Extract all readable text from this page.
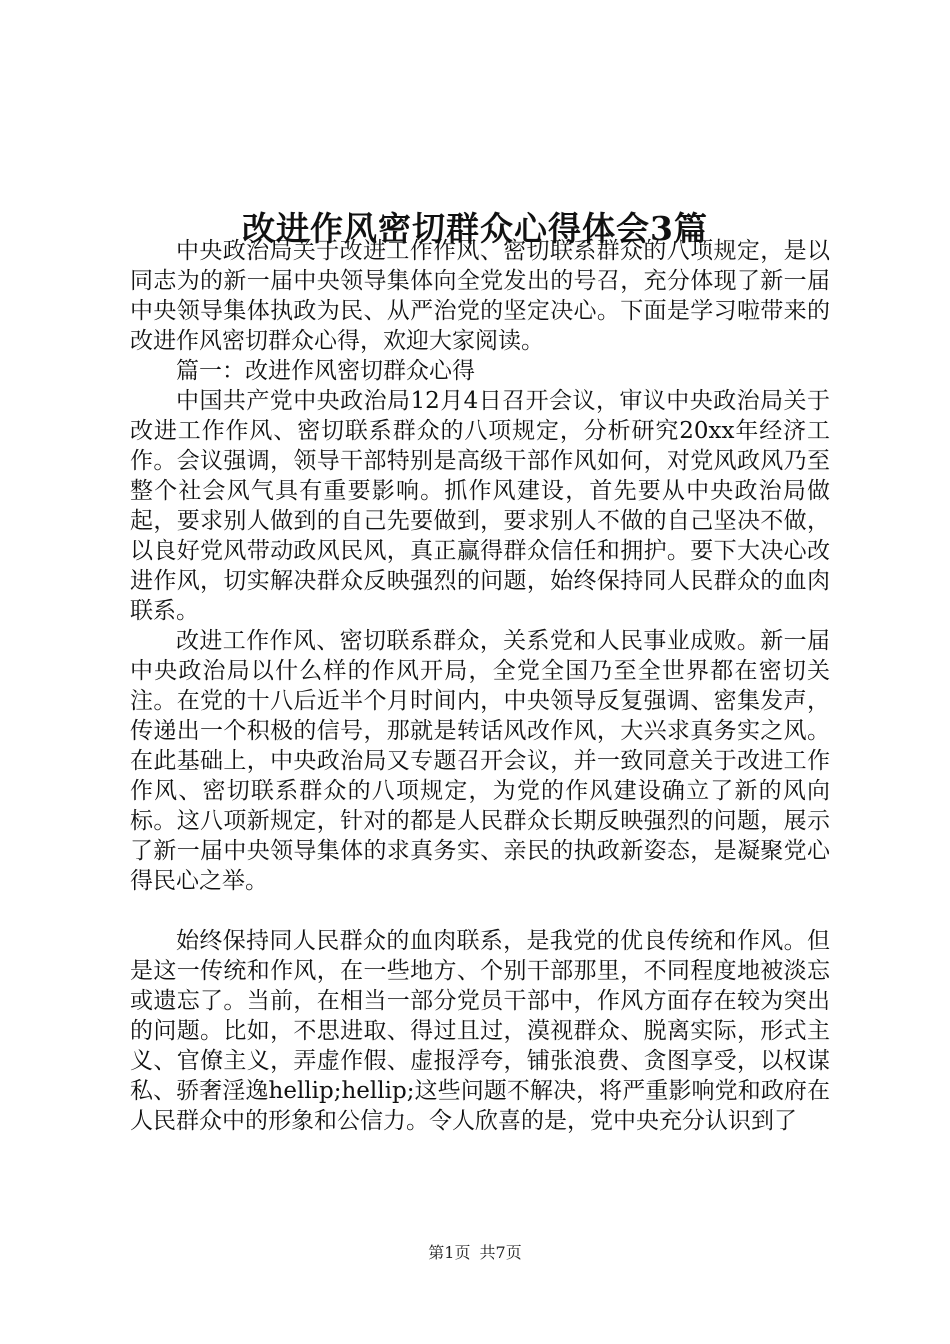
改进作风密切群众心得体会3篇

中央政治局关于改进工作作风、密切联系群众的八项规定，是以同志为的新一届中央领导集体向全党发出的号召，充分体现了新一届中央领导集体执政为民、从严治党的坚定决心。下面是学习啦带来的改进作风密切群众心得，欢迎大家阅读。

篇一：改进作风密切群众心得

中国共产党中央政治局12月4日召开会议，审议中央政治局关于改进工作作风、密切联系群众的八项规定，分析研究20xx年经济工作。会议强调，领导干部特别是高级干部作风如何，对党风政风乃至整个社会风气具有重要影响。抓作风建设，首先要从中央政治局做起，要求别人做到的自己先要做到，要求别人不做的自己坚决不做，以良好党风带动政风民风，真正赢得群众信任和拥护。要下大决心改进作风，切实解决群众反映强烈的问题，始终保持同人民群众的血肉联系。

改进工作作风、密切联系群众，关系党和人民事业成败。新一届中央政治局以什么样的作风开局，全党全国乃至全世界都在密切关注。在党的十八后近半个月时间内，中央领导反复强调、密集发声，传递出一个积极的信号，那就是转话风改作风，大兴求真务实之风。在此基础上，中央政治局又专题召开会议，并一致同意关于改进工作作风、密切联系群众的八项规定，为党的作风建设确立了新的风向标。这八项新规定，针对的都是人民群众长期反映强烈的问题，展示了新一届中央领导集体的求真务实、亲民的执政新姿态，是凝聚党心得民心之举。

始终保持同人民群众的血肉联系，是我党的优良传统和作风。但是这一传统和作风，在一些地方、个别干部那里，不同程度地被淡忘或遗忘了。当前，在相当一部分党员干部中，作风方面存在较为突出的问题。比如，不思进取、得过且过，漠视群众、脱离实际，形式主义、官僚主义，弄虚作假、虚报浮夸，铺张浪费、贪图享受，以权谋私、骄奢淫逸hellip;hellip;这些问题不解决，将严重影响党和政府在人民群众中的形象和公信力。令人欣喜的是，党中央充分认识到了

第1页 共7页
